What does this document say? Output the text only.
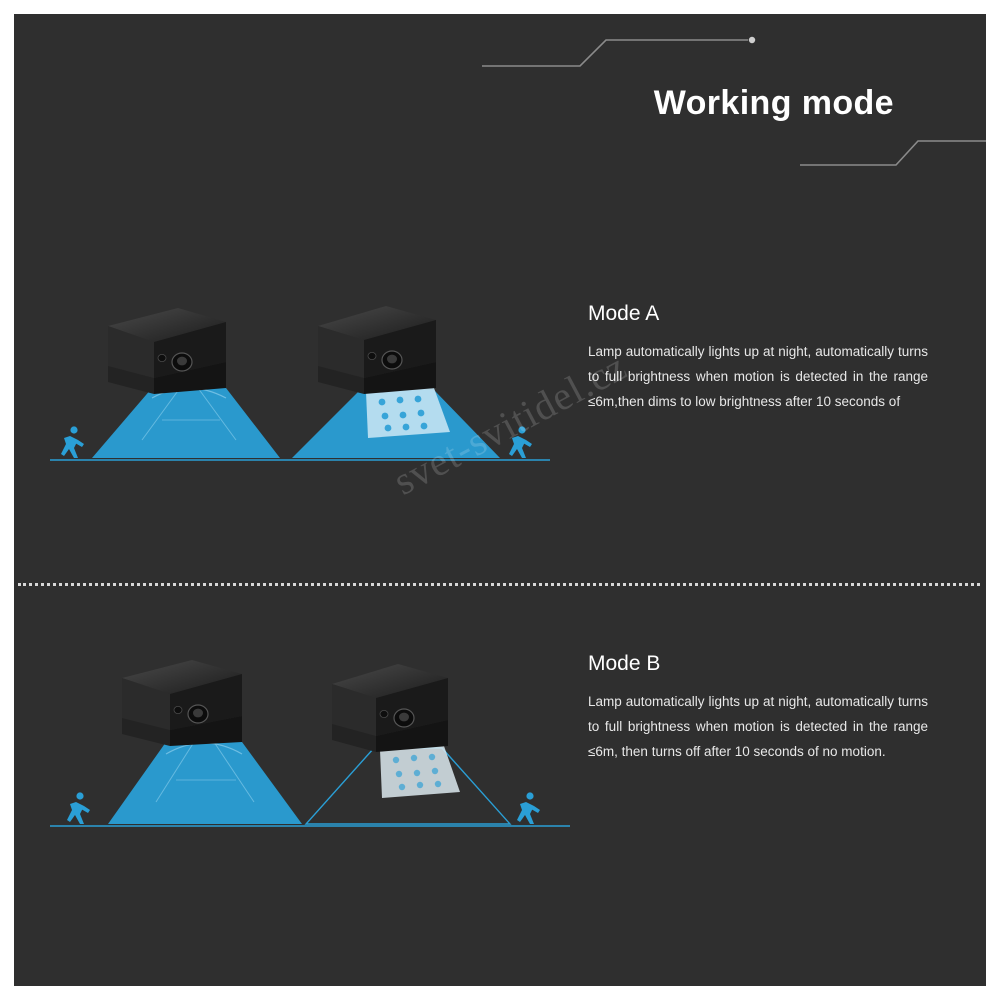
Working mode
Mode A

Lamp automatically lights up at night, automatically turns to full brightness when motion is detected in the range ≤6m,then dims to low brightness after 10 seconds of

Mode B

Lamp automatically lights up at night, automatically turns to full brightness when motion is detected in the range ≤6m, then turns off after 10 seconds of no motion.

svet-svitidel.cz
